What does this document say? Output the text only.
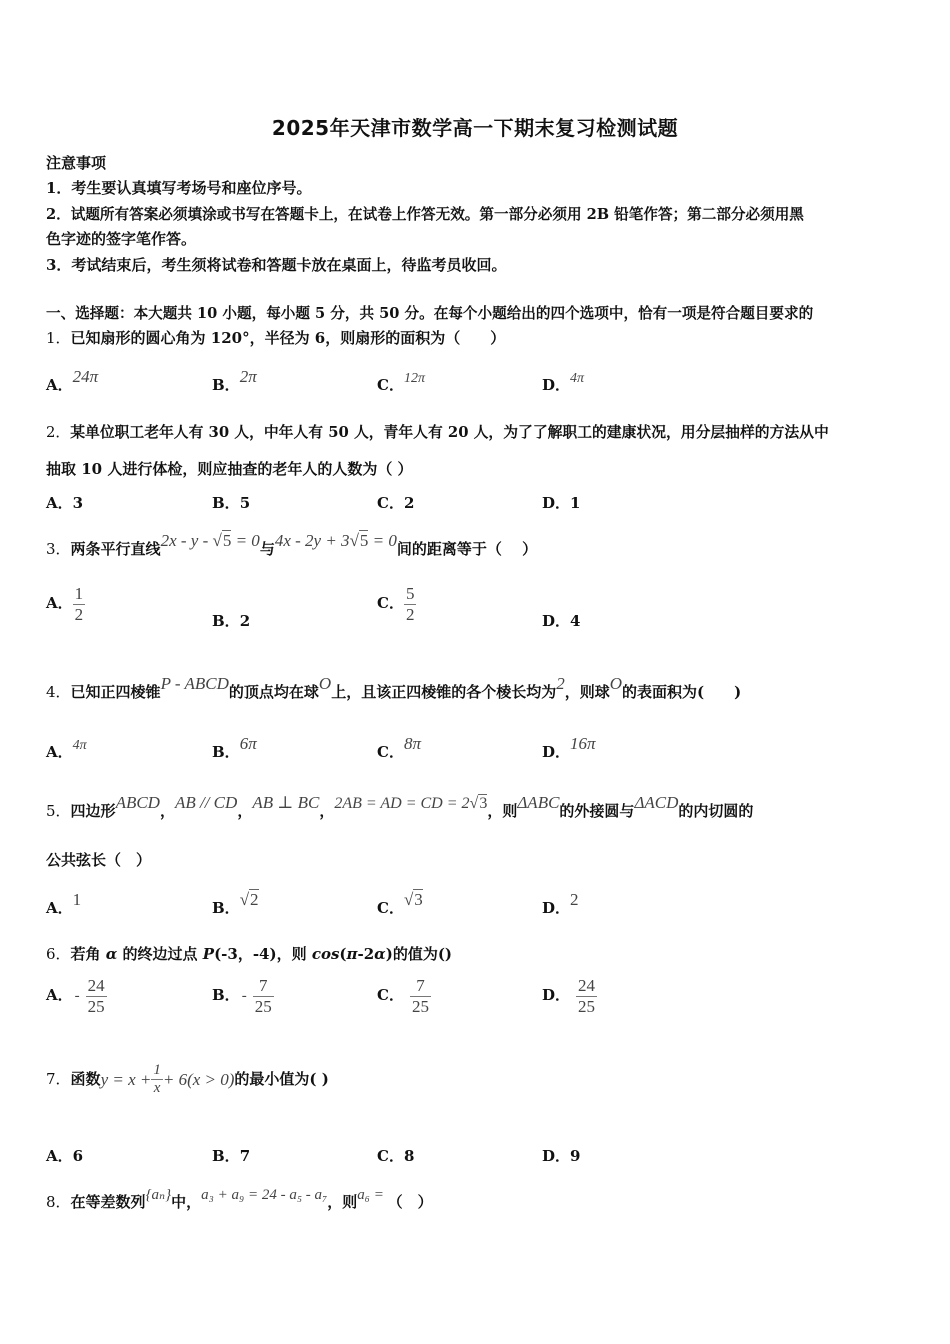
2025年天津市数学高一下期末复习检测试题
注意事项
1．考生要认真填写考场号和座位序号。
2．试题所有答案必须填涂或书写在答题卡上，在试卷上作答无效。第一部分必须用 2B 铅笔作答；第二部分必须用黑
色字迹的签字笔作答。
3．考试结束后，考生须将试卷和答题卡放在桌面上，待监考员收回。
一、选择题：本大题共 10 小题，每小题 5 分，共 50 分。在每个小题给出的四个选项中，恰有一项是符合题目要求的
1．已知扇形的圆心角为 120°，半径为 6，则扇形的面积为（　　）
A．24π	B．2π	C．12π	D．4π
2．某单位职工老年人有 30 人，中年人有 50 人，青年人有 20 人，为了了解职工的建康状况，用分层抽样的方法从中
抽取 10 人进行体检，则应抽查的老年人的人数为（ ）
A．3	B．5	C．2	D．1
3．两条平行直线2x - y - √5 = 0与4x - 2y + 3√5 = 0间的距离等于（　 ）
A． $\frac{1}{2}$	B．2
C． $\frac{5}{2}$	D．4
4．已知正四棱锥P - ABCD的顶点均在球O上，且该正四棱锥的各个棱长均为2，则球O的表面积为(　　)
A．4π	B．6π	C．8π	D．16π
5．四边形ABCD，AB // CD，AB ⊥ BC，2AB = AD = CD = 2√3，则ΔABC的外接圆与ΔACD的内切圆的
公共弦长（　）
A．1	B．√2	C．√3	D．2
6．若角 α 的终边过点 P(-3，-4)，则 cos(π-2α)的值为()
A． - $\frac{24}{25}$	B． - $\frac{7}{25}$	C． $\frac{7}{25}$	D． $\frac{24}{25}$
7．函数 $y = x + \frac{1}{x} + 6(x > 0)$ 的最小值为( )
A．6	B．7	C．8	D．9
8．在等差数列{aₙ}中，a₃ + a₉ = 24 - a₅ - a₇，则a₆ = （　）
